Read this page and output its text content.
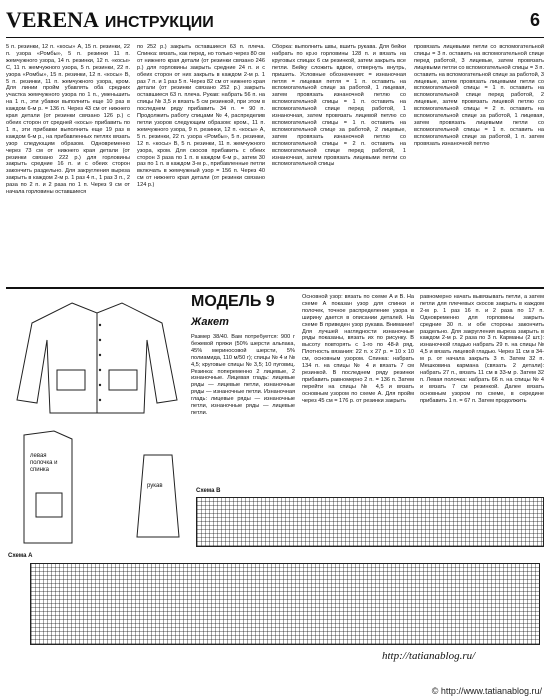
VERENA ИНСТРУКЦИИ	6

5 п. резинки, 12 п. «косы» А, 15 п. резинки, 22 п. узора «Ромбы», 5 п. резинки 11 п. жемчужного узора, 14 п. резинки, 12 п. «косы» С, 11 п. жемчужного узора, 5 п. резинки, 22 п. узора «Ромбы», 15 п. резинки, 12 п. «косы» В, 5 п. резинки, 11 п. жемчужного узора, кром. Для линии пройм убавлять оба средних участка жемчужного узора по 1 п., уменьшить на 1 п., эти убавки выполнить еще 10 раз в каждом 6-м р. = 136 п. Через 43 см от нижнего края детали (от резинки связано 126 р.) с обеих сторон от средней «косы» прибавить по 1 п., эти прибавки выполнить еще 19 раз в каждом 6-м р., на прибавленных петлях вязать узор следующим образом. Одновременно через 73 см от нижнего края детали (от резинки связано 222 р.) для горловины закрыть средние 16 п. и с обеих сторон закончить раздельно. Для закругления выреза закрыть в каждом 2-м р. 1 раз 4 п., 1 раз 3 п., 2 раза по 2 п. и 2 раза по 1 п. Через 9 см от начала горловины оставшиеся

по 252 р.) закрыть оставшиеся 63 п. плеча. Спинка: вязать, как перед, но только через 80 см от нижнего края детали (от резинки связано 246 р.) для горловины закрыть средние 24 п. и с обеих сторон от них закрыть в каждом 2-м р. 1 раз 7 п. и 1 раз 5 п. Через 82 см от нижнего края детали (от резинки связано 252 р.) закрыть оставшиеся 63 п. плеча. Рукав: набрать 56 п. на спицы № 3,5 и вязать 5 см резинкой, при этом в последнем ряду прибавить 34 п. = 90 п. Продолжить работу спицами № 4, распределив петли узоров следующим образом: кром., 11 п. жемчужного узора, 9 п. резинки, 12 п. «косы» А, 5 п. резинки, 22 п. узора «Ромбы», 5 п. резинки, 12 п. «косы» В, 5 п. резинки, 11 п. жемчужного узора, кром. Для скосов прибавить с обеих сторон 3 раза по 1 п. в каждом 6-м р., затем 30 раз по 1 п. в каждом 3-м р., прибавленные петли включать в жемчужный узор = 156 п. Через 40 см от нижнего края детали (от резинки связано 124 р.)

Сборка: выполнить швы, вшить рукава. Для бейки набрать по кр.ю горловины 128 п. и вязать на круговых спицах 6 см резинкой, затем закрыть все петли. Бейку сложить вдвое, отвернуть внутрь, пришить. Условные обозначения: = изнаночная петля = лицевая петля = 1 п. оставить на вспомогательной спице за работой, 1 лицевая, затем провязать изнаночной петлю со вспомогательной спицы = 1 п. оставить на вспомогательной спице перед работой, 1 изнаночная, затем провязать лицевой петлю со вспомогательной спицы = 1 п. оставить на вспомогательной спице за работой, 2 лицевые, затем провязать изнаночной петлю со вспомогательной спицы = 2 п. оставить на вспомогательной спице перед работой, 1 изнаночная, затем провязать лицевыми петли со вспомогательной спицы

провязать лицевыми петли со вспомогательной спицы = 3 п. оставить на вспомогательной спице перед работой, 3 лицевые, затем провязать лицевыми петли со вспомогательной спицы = 3 п. оставить на вспомогательной спице за работой, 3 лицевые, затем провязать лицевыми петли со вспомогательной спицы = 1 п. оставить на вспомогательной спице перед работой, 2 лицевые, затем провязать лицевой петлю со вспомогательной спицы = 2 п. оставить на вспомогательной спице за работой, 1 лицевая, затем провязать лицевыми петли со вспомогательной спицы = 1 п. оставить на вспомогательной спице за работой, 1 п. затем провязать изнаночной петлю

МОДЕЛЬ 9
Жакет

Размер 38/40. Вам потребуется: 900 г бежевой пряжи (50% шерсти альпака, 45% мериносовой шерсти, 5% полиамида, 110 м/50 г); спицы № 4 и № 4,5; круговые спицы № 3,5; 10 пуговиц. Резинка: попеременно 2 лицевые, 2 изнаночные. Лицевая гладь: лицевые ряды — лицевые петли, изнаночные ряды — изнаночные петли. Изнаночная гладь: лицевые ряды — изнаночные петли, изнаночные ряды — лицевые петли.

Основной узор: вязать по схеме A и B. На схеме А показан узор для спинки и полочек, точное распределение узора в ширину дается в описании деталей. На схеме B приведен узор рукава. Внимание! Для лучшей наглядности изнаночные ряды показаны, вязать их по рисунку. В высоту повторять с 1-го по 48-й ряд. Плотность вязания: 22 п. х 27 р. = 10 х 10 см, основным узором. Спинка: набрать 134 п. на спицы № 4 и вязать 7 см резинкой. В последнем ряду резинки прибавить равномерно 2 п. = 136 п. Затем перейти на спицы № 4,5 и вязать основным узором по схеме A. Для пройм через 45 см = 176 р. от резинки закрыть

равномерно начать вывязывать петли, а затем петли для плечевых скосов закрыть в каждом 2-м р. 1 раз 16 п. и 2 раза по 17 п. Одновременно для горловины закрыть средние 30 п. и обе стороны закончить раздельно. Для закругления выреза закрыть в каждом 2-м р. 2 раза по 3 п. Карманы (2 шт.): изнаночной гладью набрать 29 п. на спицы № 4,5 и вязать лицевой гладью. Через 11 см в 34-м р. от начала закрыть 3 п. Затем 32 п. Мешковина кармана (связать 2 детали): набрать 27 п., вязать 11 см в 33-м р. Затем 32 п. Левая полочка: набрать 66 п. на спицы № 4 и вязать 7 см резинкой. Далее вязать основным узором по схеме, в середине прибавить 1 п. = 67 п. Затем продолжить

левая полочка и спинка
рукав
Схема В
Схема А
http://tatianablog.ru/
© http://www.tatianablog.ru/
